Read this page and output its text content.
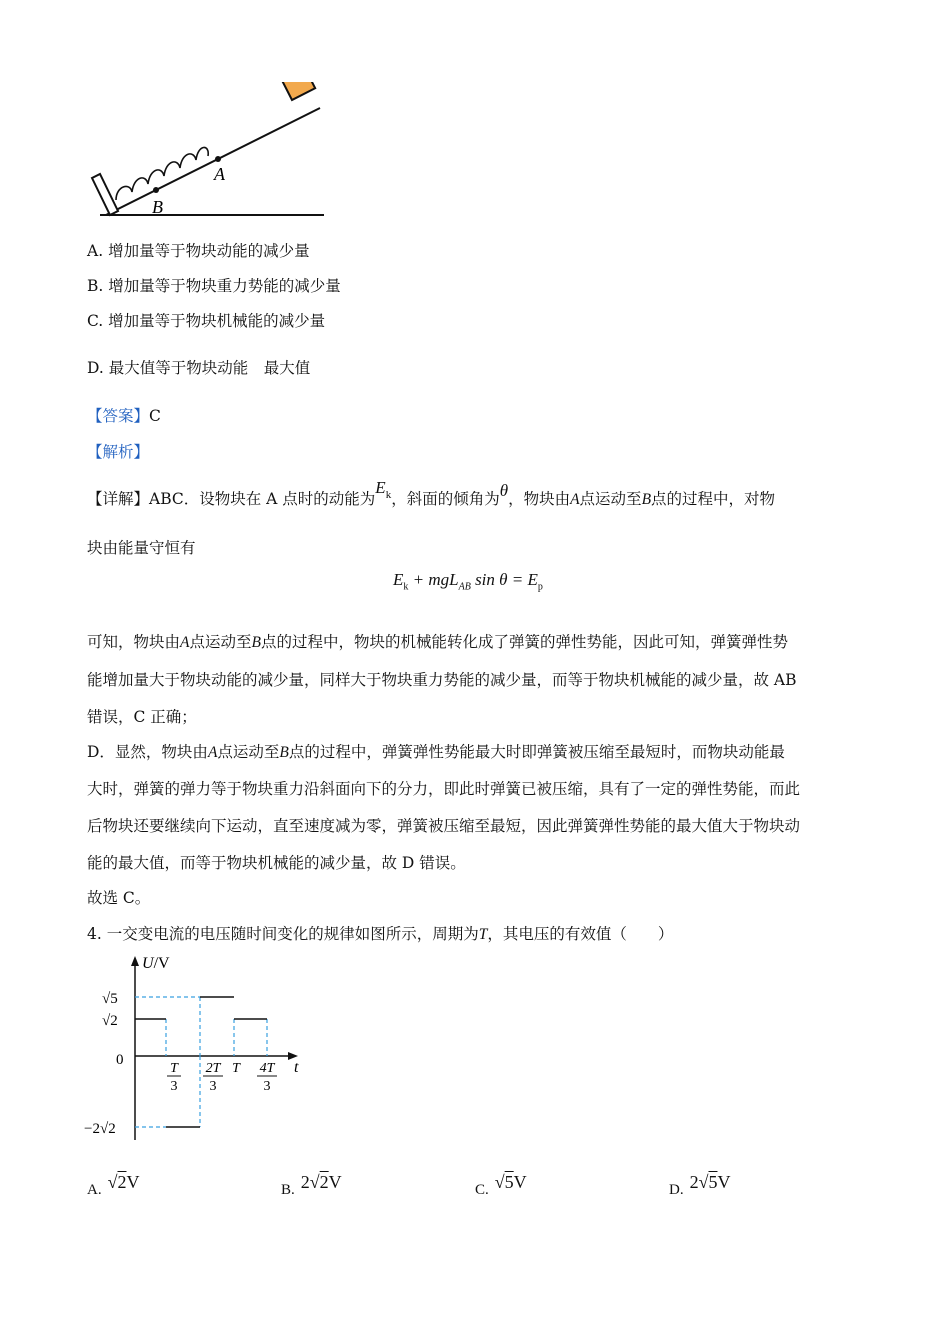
A
B
A. 增加量等于物块动能的减少量
B. 增加量等于物块重力势能的减少量
C. 增加量等于物块机械能的减少量
D. 最大值等于物块动能　最大值
【答案】C
【解析】
【详解】ABC．设物块在 A 点时的动能为$E^k$，斜面的倾角为θ，物块由A点运动至B点的过程中，对物
块由能量守恒有
$E_k + mgL_{AB}$ $\sin \theta = E_p$
可知，物块由A点运动至B点的过程中，物块的机械能转化成了弹簧的弹性势能，因此可知，弹簧弹性势
能增加量大于物块动能的减少量，同样大于物块重力势能的减少量，而等于物块机械能的减少量，故 AB
错误，C 正确；
D．显然，物块由A点运动至B点的过程中，弹簧弹性势能最大时即弹簧被压缩至最短时，而物块动能最
大时，弹簧的弹力等于物块重力沿斜面向下的分力，即此时弹簧已被压缩，具有了一定的弹性势能，而此
后物块还要继续向下运动，直至速度减为零，弹簧被压缩至最短，因此弹簧弹性势能的最大值大于物块动
能的最大值，而等于物块机械能的减少量，故 D 错误。
故选 C。
4. 一交变电流的电压随时间变化的规律如图所示，周期为T，其电压的有效值（　　）
U/V
t
0
√5
√2
−2√2
T
3
2T
3
T 4T
3
A. √2V	B. 2√2V	C. √5V	D. 2√5V
